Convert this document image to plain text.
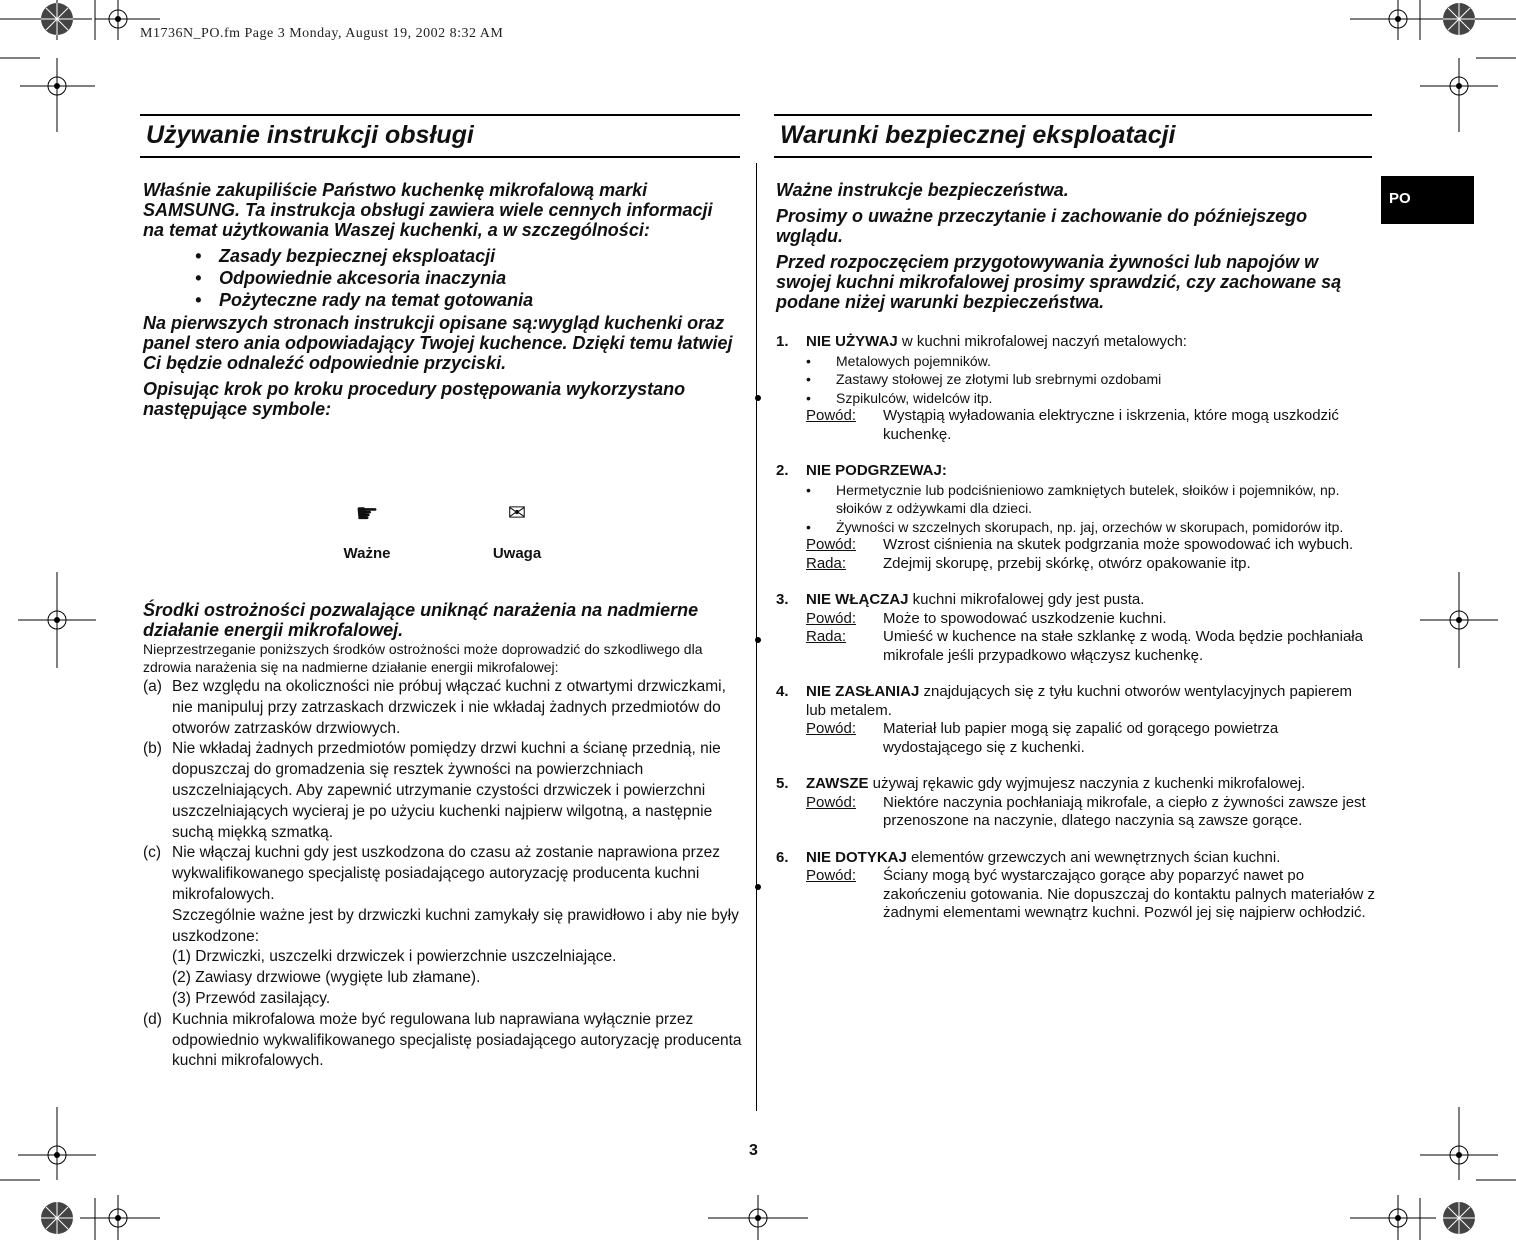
M1736N_PO.fm Page 3 Monday, August 19, 2002 8:32 AM
PO
Używanie instrukcji obsługi

Właśnie zakupiliście Państwo kuchenkę mikrofalową marki SAMSUNG. Ta instrukcja obsługi zawiera wiele cennych informacji na temat użytkowania Waszej kuchenki, a w szczególności:

• Zasady bezpiecznej eksploatacji
• Odpowiednie akcesoria inaczynia
• Pożyteczne rady na temat gotowania

Na pierwszych stronach instrukcji opisane są:wygląd kuchenki oraz panel stero ania odpowiadający Twojej kuchence. Dzięki temu łatwiej Ci będzie odnaleźć odpowiednie przyciski.

Opisując krok po kroku procedury postępowania wykorzystano następujące symbole:

☛
Ważne
✉
Uwaga
Środki ostrożności pozwalające uniknąć narażenia na nadmierne działanie energii mikrofalowej.
Nieprzestrzeganie poniższych środków ostrożności może doprowadzić do szkodliwego dla zdrowia narażenia się na nadmierne działanie energii mikrofalowej:
(a) Bez względu na okoliczności nie próbuj włączać kuchni z otwartymi drzwiczkami, nie manipuluj przy zatrzaskach drzwiczek i nie wkładaj żadnych przedmiotów do otworów zatrzasków drzwiowych.
(b) Nie wkładaj żadnych przedmiotów pomiędzy drzwi kuchni a ścianę przednią, nie dopuszczaj do gromadzenia się resztek żywności na powierzchniach uszczelniających. Aby zapewnić utrzymanie czystości drzwiczek i powierzchni uszczelniających wycieraj je po użyciu kuchenki najpierw wilgotną, a następnie suchą miękką szmatką.
(c) Nie włączaj kuchni gdy jest uszkodzona do czasu aż zostanie naprawiona przez wykwalifikowanego specjalistę posiadającego autoryzację producenta kuchni mikrofalowych.
Szczególnie ważne jest by drzwiczki kuchni zamykały się prawidłowo i aby nie były uszkodzone:
(1) Drzwiczki, uszczelki drzwiczek i powierzchnie uszczelniające.
(2) Zawiasy drzwiowe (wygięte lub złamane).
(3) Przewód zasilający.
(d) Kuchnia mikrofalowa może być regulowana lub naprawiana wyłącznie przez odpowiednio wykwalifikowanego specjalistę posiadającego autoryzację producenta kuchni mikrofalowych.
Warunki bezpiecznej eksploatacji

Ważne instrukcje bezpieczeństwa.

Prosimy o uważne przeczytanie i zachowanie do późniejszego wglądu.

Przed rozpoczęciem przygotowywania żywności lub napojów w swojej kuchni mikrofalowej prosimy sprawdzić, czy zachowane są podane niżej warunki bezpieczeństwa.

1.	NIE UŻYWAJ w kuchni mikrofalowej naczyń metalowych:
•	Metalowych pojemników.
•	Zastawy stołowej ze złotymi lub srebrnymi ozdobami
•	Szpikulców, widelców itp.
Powód:	Wystąpią wyładowania elektryczne i iskrzenia, które mogą uszkodzić kuchenkę.
2.	NIE PODGRZEWAJ:
•	Hermetycznie lub podciśnieniowo zamkniętych butelek, słoików i pojemników, np. słoików z odżywkami dla dzieci.
•	Żywności w szczelnych skorupach, np. jaj, orzechów w skorupach, pomidorów itp.
Powód:	Wzrost ciśnienia na skutek podgrzania może spowodować ich wybuch.
Rada:	Zdejmij skorupę, przebij skórkę, otwórz opakowanie itp.
3.	NIE WŁĄCZAJ kuchni mikrofalowej gdy jest pusta.
Powód:	Może to spowodować uszkodzenie kuchni.
Rada:	Umieść w kuchence na stałe szklankę z wodą. Woda będzie pochłaniała mikrofale jeśli przypadkowo włączysz kuchenkę.
4.	NIE ZASŁANIAJ znajdujących się z tyłu kuchni otworów wentylacyjnych papierem lub metalem.
Powód:	Materiał lub papier mogą się zapalić od gorącego powietrza wydostającego się z kuchenki.
5.	ZAWSZE używaj rękawic gdy wyjmujesz naczynia z kuchenki mikrofalowej.
Powód:	Niektóre naczynia pochłaniają mikrofale, a ciepło z żywności zawsze jest przenoszone na naczynie, dlatego naczynia są zawsze gorące.
6.	NIE DOTYKAJ elementów grzewczych ani wewnętrznych ścian kuchni.
Powód:	Ściany mogą być wystarczająco gorące aby poparzyć nawet po zakończeniu gotowania. Nie dopuszczaj do kontaktu palnych materiałów z żadnymi elementami wewnątrz kuchni. Pozwól jej się najpierw ochłodzić.
3
